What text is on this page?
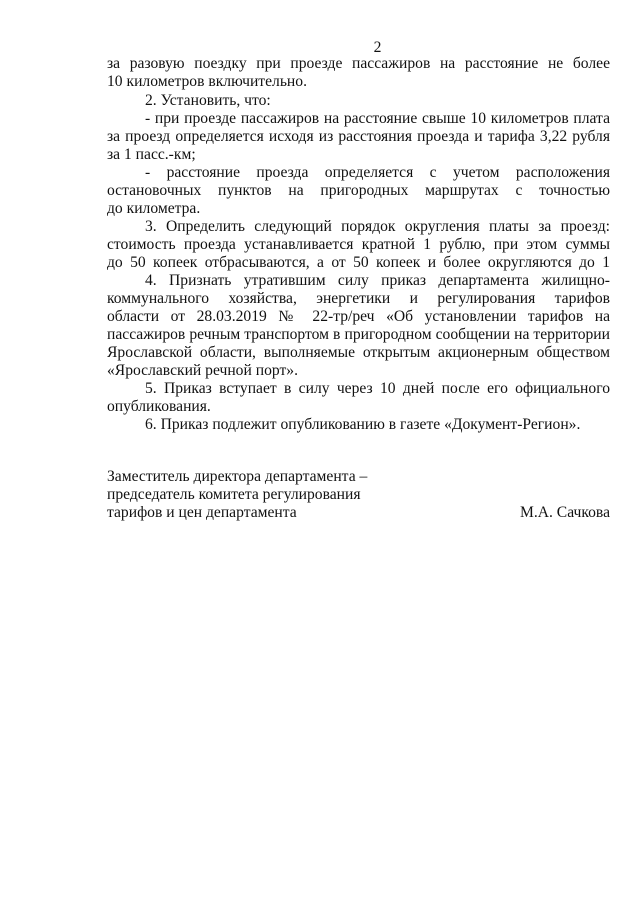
2
за разовую поездку при проезде пассажиров на расстояние не более
10 километров включительно.
2. Установить, что:
- при проезде пассажиров на расстояние свыше 10 километров плата
за проезд определяется исходя из расстояния проезда и тарифа 3,22 рубля
за 1 пасс.-км;
- расстояние проезда определяется с учетом расположения
остановочных пунктов на пригородных маршрутах с точностью
до километра.
3. Определить следующий порядок округления платы за проезд:
стоимость проезда устанавливается кратной 1 рублю, при этом суммы
до 50 копеек отбрасываются, а от 50 копеек и более округляются до 1
4. Признать утратившим силу приказ департамента жилищно-
коммунального хозяйства, энергетики и регулирования тарифов
области от 28.03.2019 № 22-тр/реч «Об установлении тарифов на
пассажиров речным транспортом в пригородном сообщении на территории
Ярославской области, выполняемые открытым акционерным обществом
«Ярославский речной порт».
5. Приказ вступает в силу через 10 дней после его официального
опубликования.
6. Приказ подлежит опубликованию в газете «Документ-Регион».
Заместитель директора департамента –
председатель комитета регулирования
тарифов и цен департамента	М.А. Сачкова
